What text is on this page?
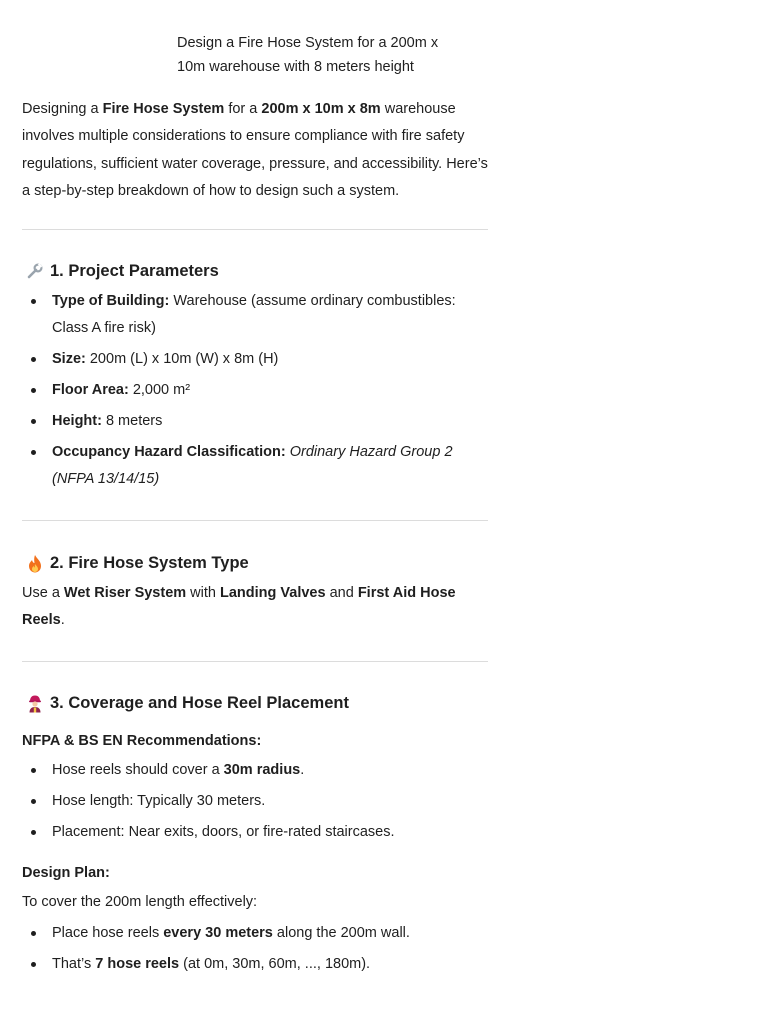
Design a Fire Hose System for a 200m x 10m warehouse with 8 meters height
Designing a Fire Hose System for a 200m x 10m x 8m warehouse involves multiple considerations to ensure compliance with fire safety regulations, sufficient water coverage, pressure, and accessibility. Here’s a step-by-step breakdown of how to design such a system.
1. Project Parameters
Type of Building: Warehouse (assume ordinary combustibles: Class A fire risk)
Size: 200m (L) x 10m (W) x 8m (H)
Floor Area: 2,000 m²
Height: 8 meters
Occupancy Hazard Classification: Ordinary Hazard Group 2 (NFPA 13/14/15)
2. Fire Hose System Type
Use a Wet Riser System with Landing Valves and First Aid Hose Reels.
3. Coverage and Hose Reel Placement
NFPA & BS EN Recommendations:
Hose reels should cover a 30m radius.
Hose length: Typically 30 meters.
Placement: Near exits, doors, or fire-rated staircases.
Design Plan:
To cover the 200m length effectively:
Place hose reels every 30 meters along the 200m wall.
That’s 7 hose reels (at 0m, 30m, 60m, ..., 180m).
